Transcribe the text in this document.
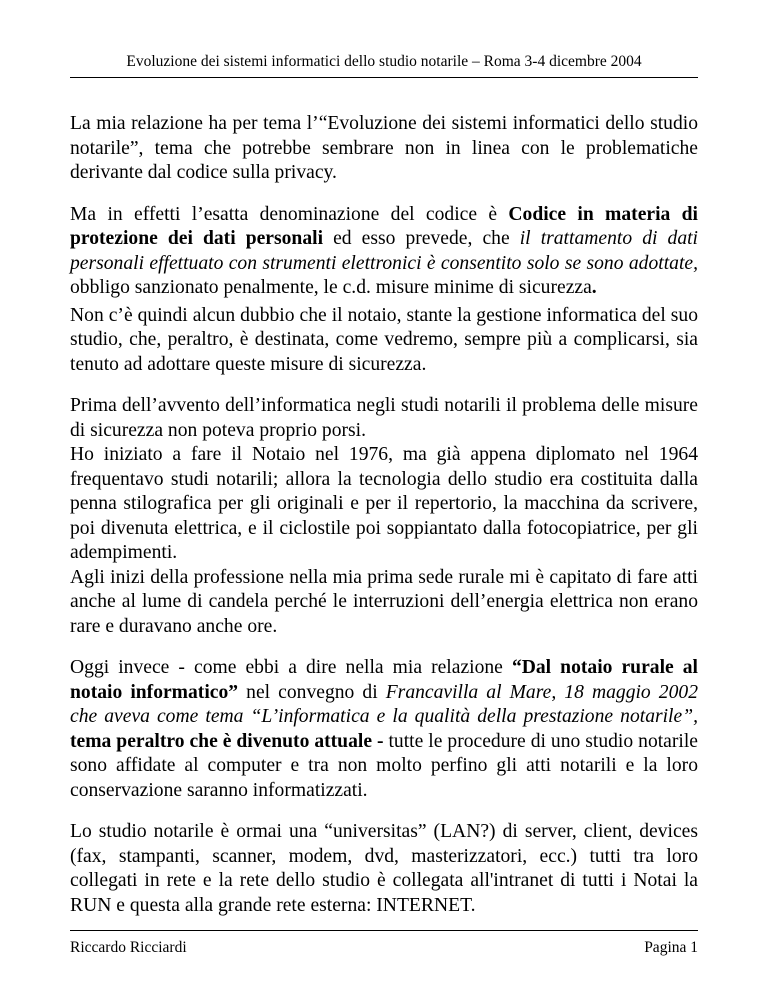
Evoluzione dei sistemi informatici dello studio notarile – Roma 3-4 dicembre 2004

La mia relazione ha per tema l’“Evoluzione dei sistemi informatici dello studio notarile”, tema che potrebbe sembrare non in linea con le problematiche derivante dal codice sulla privacy.

Ma in effetti l’esatta denominazione del codice è Codice in materia di protezione dei dati personali ed esso prevede, che il trattamento di dati personali effettuato con strumenti elettronici è consentito solo se sono adottate, obbligo sanzionato penalmente, le c.d. misure minime di sicurezza.

Non c’è quindi alcun dubbio che il notaio, stante la gestione informatica del suo studio, che, peraltro, è destinata, come vedremo, sempre più a complicarsi, sia tenuto ad adottare queste misure di sicurezza.

Prima dell’avvento dell’informatica negli studi notarili il problema delle misure di sicurezza non poteva proprio porsi.

Ho iniziato a fare il Notaio nel 1976, ma già appena diplomato nel 1964 frequentavo studi notarili; allora la tecnologia dello studio era costituita dalla penna stilografica per gli originali e per il repertorio, la macchina da scrivere, poi divenuta elettrica, e il ciclostile poi soppiantato dalla fotocopiatrice, per gli adempimenti.

Agli inizi della professione nella mia prima sede rurale mi è capitato di fare atti anche al lume di candela perché le interruzioni dell’energia elettrica non erano rare e duravano anche ore.

Oggi invece - come ebbi a dire nella mia relazione “Dal notaio rurale al notaio informatico” nel convegno di Francavilla al Mare, 18 maggio 2002 che aveva come tema “L’informatica e la qualità della prestazione notarile”, tema peraltro che è divenuto attuale - tutte le procedure di uno studio notarile sono affidate al computer e tra non molto perfino gli atti notarili e la loro conservazione saranno informatizzati.

Lo studio notarile è ormai una “universitas” (LAN?) di server, client, devices (fax, stampanti, scanner, modem, dvd, masterizzatori, ecc.) tutti tra loro collegati in rete e la rete dello studio è collegata all'intranet di tutti i Notai la RUN e questa alla grande rete esterna: INTERNET.

Riccardo Ricciardi	Pagina 1
